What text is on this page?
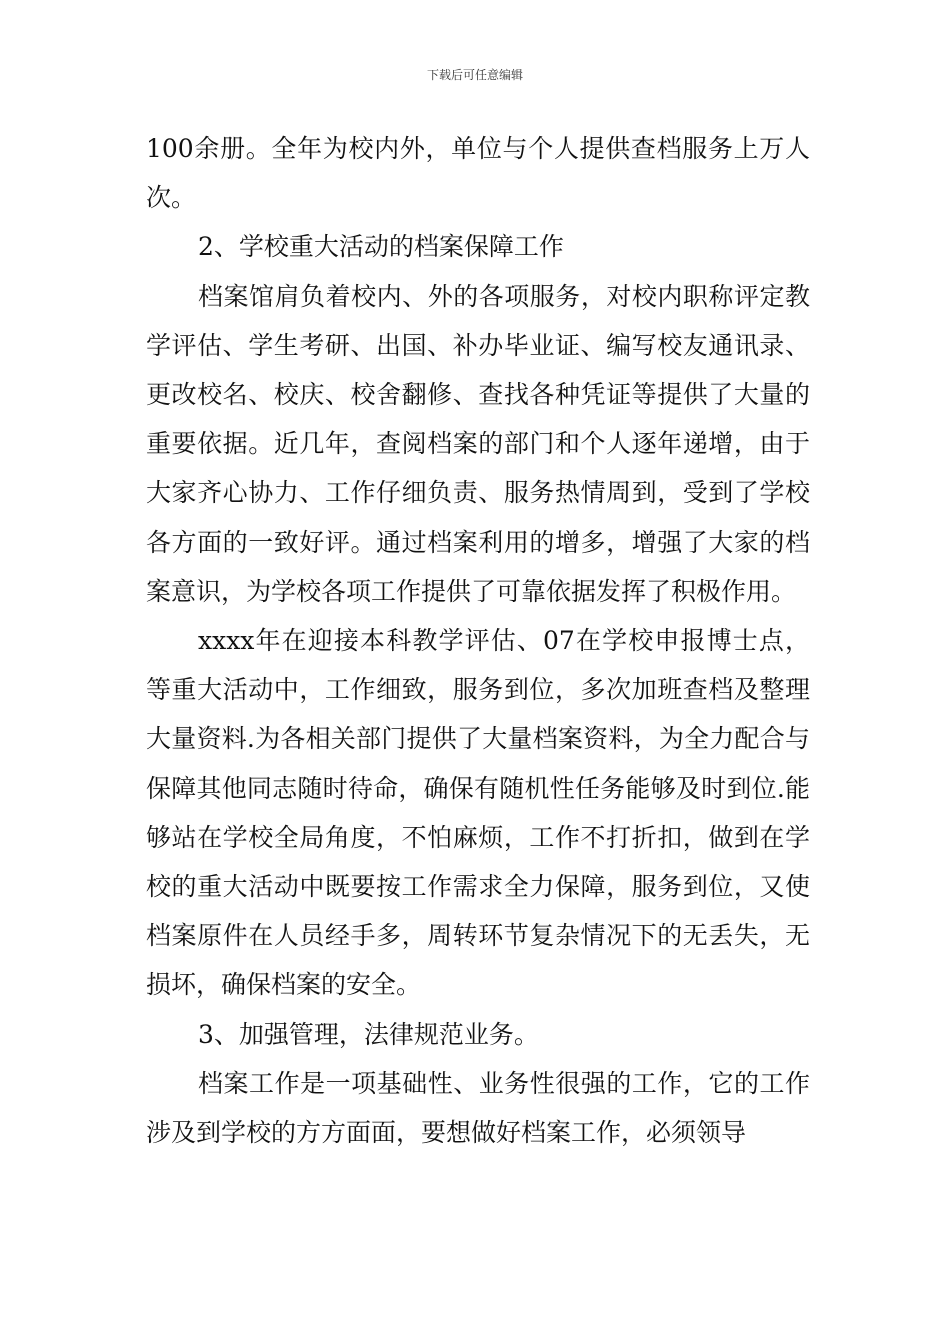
下载后可任意编辑

100余册。全年为校内外，单位与个人提供查档服务上万人次。

2、学校重大活动的档案保障工作

档案馆肩负着校内、外的各项服务，对校内职称评定教学评估、学生考研、出国、补办毕业证、编写校友通讯录、更改校名、校庆、校舍翻修、查找各种凭证等提供了大量的重要依据。近几年，查阅档案的部门和个人逐年递增，由于大家齐心协力、工作仔细负责、服务热情周到，受到了学校各方面的一致好评。通过档案利用的增多，增强了大家的档案意识，为学校各项工作提供了可靠依据发挥了积极作用。

xxxx年在迎接本科教学评估、07在学校申报博士点，等重大活动中，工作细致，服务到位，多次加班查档及整理大量资料.为各相关部门提供了大量档案资料，为全力配合与保障其他同志随时待命，确保有随机性任务能够及时到位.能够站在学校全局角度，不怕麻烦，工作不打折扣，做到在学校的重大活动中既要按工作需求全力保障，服务到位，又使档案原件在人员经手多，周转环节复杂情况下的无丢失，无损坏，确保档案的安全。

3、加强管理，法律规范业务。

档案工作是一项基础性、业务性很强的工作，它的工作涉及到学校的方方面面，要想做好档案工作，必须领导
